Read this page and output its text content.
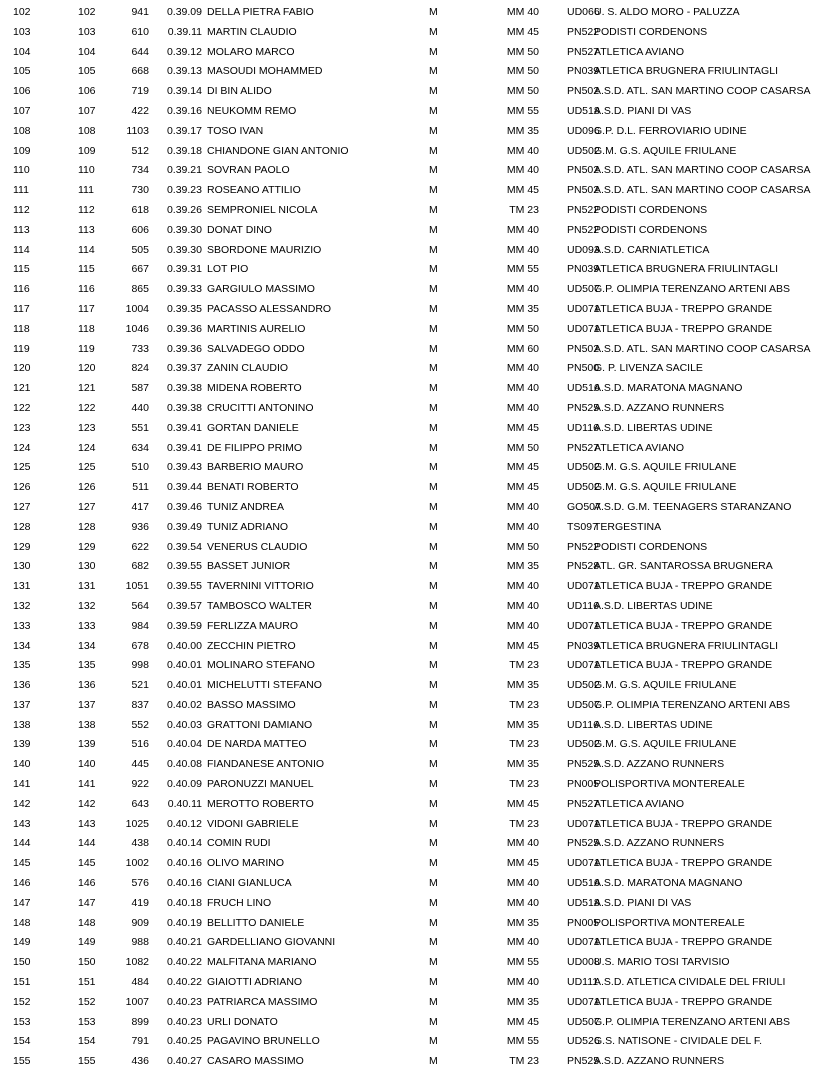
102	102	941	0.39.09	DELLA PIETRA FABIO	M	MM 40	UD066	U. S. ALDO MORO - PALUZZA
103	103	610	0.39.11	MARTIN CLAUDIO	M	MM 45	PN522	PODISTI CORDENONS
104	104	644	0.39.12	MOLARO MARCO	M	MM 50	PN527	ATLETICA AVIANO
105	105	668	0.39.13	MASOUDI MOHAMMED	M	MM 50	PN039	ATLETICA BRUGNERA FRIULINTAGLI
106	106	719	0.39.14	DI BIN ALIDO	M	MM 50	PN502	A.S.D. ATL. SAN MARTINO COOP CASARSA
107	107	422	0.39.16	NEUKOMM REMO	M	MM 55	UD518	A.S.D. PIANI DI VAS
108	108	1103	0.39.17	TOSO IVAN	M	MM 35	UD096	G.P. D.L. FERROVIARIO UDINE
109	109	512	0.39.18	CHIANDONE GIAN ANTONIO	M	MM 40	UD502	G.M. G.S. AQUILE FRIULANE
110	110	734	0.39.21	SOVRAN PAOLO	M	MM 40	PN502	A.S.D. ATL. SAN MARTINO COOP CASARSA
111	111	730	0.39.23	ROSEANO ATTILIO	M	MM 45	PN502	A.S.D. ATL. SAN MARTINO COOP CASARSA
112	112	618	0.39.26	SEMPRONIEL NICOLA	M	TM 23	PN522	PODISTI CORDENONS
113	113	606	0.39.30	DONAT DINO	M	MM 40	PN522	PODISTI CORDENONS
114	114	505	0.39.30	SBORDONE MAURIZIO	M	MM 40	UD093	A.S.D. CARNIATLETICA
115	115	667	0.39.31	LOT PIO	M	MM 55	PN039	ATLETICA BRUGNERA FRIULINTAGLI
116	116	865	0.39.33	GARGIULO MASSIMO	M	MM 40	UD507	G.P. OLIMPIA TERENZANO ARTENI ABS
117	117	1004	0.39.35	PACASSO ALESSANDRO	M	MM 35	UD071	ATLETICA BUJA - TREPPO GRANDE
118	118	1046	0.39.36	MARTINIS AURELIO	M	MM 50	UD071	ATLETICA BUJA - TREPPO GRANDE
119	119	733	0.39.36	SALVADEGO ODDO	M	MM 60	PN502	A.S.D. ATL. SAN MARTINO COOP CASARSA
120	120	824	0.39.37	ZANIN CLAUDIO	M	MM 40	PN500	G. P. LIVENZA SACILE
121	121	587	0.39.38	MIDENA ROBERTO	M	MM 40	UD516	A.S.D. MARATONA MAGNANO
122	122	440	0.39.38	CRUCITTI ANTONINO	M	MM 40	PN525	A.S.D. AZZANO RUNNERS
123	123	551	0.39.41	GORTAN DANIELE	M	MM 45	UD116	A.S.D. LIBERTAS UDINE
124	124	634	0.39.41	DE FILIPPO PRIMO	M	MM 50	PN527	ATLETICA AVIANO
125	125	510	0.39.43	BARBERIO MAURO	M	MM 45	UD502	G.M. G.S. AQUILE FRIULANE
126	126	511	0.39.44	BENATI ROBERTO	M	MM 45	UD502	G.M. G.S. AQUILE FRIULANE
127	127	417	0.39.46	TUNIZ ANDREA	M	MM 40	GO507	A.S.D. G.M. TEENAGERS STARANZANO
128	128	936	0.39.49	TUNIZ ADRIANO	M	MM 40	TS097	TERGESTINA
129	129	622	0.39.54	VENERUS CLAUDIO	M	MM 50	PN522	PODISTI CORDENONS
130	130	682	0.39.55	BASSET JUNIOR	M	MM 35	PN528	ATL. GR. SANTAROSSA BRUGNERA
131	131	1051	0.39.55	TAVERNINI VITTORIO	M	MM 40	UD071	ATLETICA BUJA - TREPPO GRANDE
132	132	564	0.39.57	TAMBOSCO WALTER	M	MM 40	UD116	A.S.D. LIBERTAS UDINE
133	133	984	0.39.59	FERLIZZA MAURO	M	MM 40	UD071	ATLETICA BUJA - TREPPO GRANDE
134	134	678	0.40.00	ZECCHIN PIETRO	M	MM 45	PN039	ATLETICA BRUGNERA FRIULINTAGLI
135	135	998	0.40.01	MOLINARO STEFANO	M	TM 23	UD071	ATLETICA BUJA - TREPPO GRANDE
136	136	521	0.40.01	MICHELUTTI STEFANO	M	MM 35	UD502	G.M. G.S. AQUILE FRIULANE
137	137	837	0.40.02	BASSO MASSIMO	M	TM 23	UD507	G.P. OLIMPIA TERENZANO ARTENI ABS
138	138	552	0.40.03	GRATTONI DAMIANO	M	MM 35	UD116	A.S.D. LIBERTAS UDINE
139	139	516	0.40.04	DE NARDA MATTEO	M	TM 23	UD502	G.M. G.S. AQUILE FRIULANE
140	140	445	0.40.08	FIANDANESE ANTONIO	M	MM 35	PN525	A.S.D. AZZANO RUNNERS
141	141	922	0.40.09	PARONUZZI MANUEL	M	TM 23	PN005	POLISPORTIVA MONTEREALE
142	142	643	0.40.11	MEROTTO ROBERTO	M	MM 45	PN527	ATLETICA AVIANO
143	143	1025	0.40.12	VIDONI GABRIELE	M	TM 23	UD071	ATLETICA BUJA - TREPPO GRANDE
144	144	438	0.40.14	COMIN RUDI	M	MM 40	PN525	A.S.D. AZZANO RUNNERS
145	145	1002	0.40.16	OLIVO MARINO	M	MM 45	UD071	ATLETICA BUJA - TREPPO GRANDE
146	146	576	0.40.16	CIANI GIANLUCA	M	MM 40	UD516	A.S.D. MARATONA MAGNANO
147	147	419	0.40.18	FRUCH LINO	M	MM 40	UD518	A.S.D. PIANI DI VAS
148	148	909	0.40.19	BELLITTO DANIELE	M	MM 35	PN005	POLISPORTIVA MONTEREALE
149	149	988	0.40.21	GARDELLIANO GIOVANNI	M	MM 40	UD071	ATLETICA BUJA - TREPPO GRANDE
150	150	1082	0.40.22	MALFITANA MARIANO	M	MM 55	UD008	U.S. MARIO TOSI TARVISIO
151	151	484	0.40.22	GIAIOTTI ADRIANO	M	MM 40	UD111	A.S.D. ATLETICA CIVIDALE DEL FRIULI
152	152	1007	0.40.23	PATRIARCA MASSIMO	M	MM 35	UD071	ATLETICA BUJA - TREPPO GRANDE
153	153	899	0.40.23	URLI DONATO	M	MM 45	UD507	G.P. OLIMPIA TERENZANO ARTENI ABS
154	154	791	0.40.25	PAGAVINO BRUNELLO	M	MM 55	UD526	G.S. NATISONE - CIVIDALE DEL F.
155	155	436	0.40.27	CASARO MASSIMO	M	TM 23	PN525	A.S.D. AZZANO RUNNERS
